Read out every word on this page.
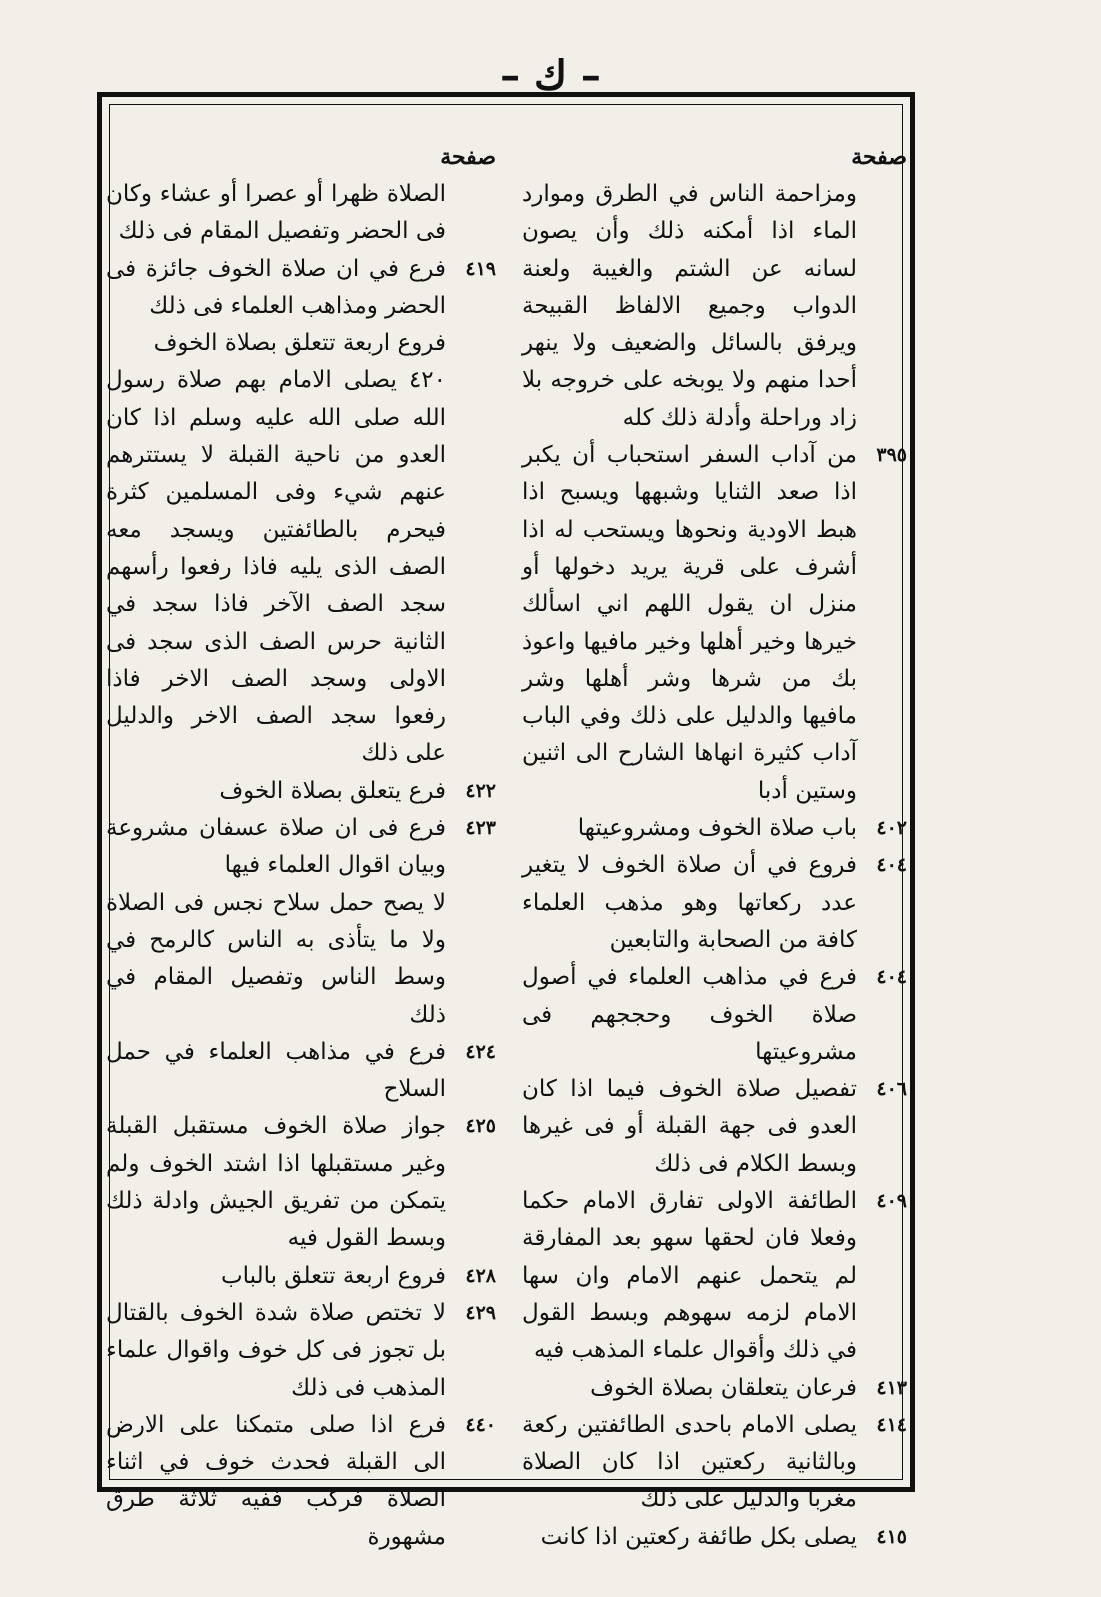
– ك –
صفحة
ومزاحمة الناس في الطرق وموارد الماء اذا أمكنه ذلك وأن يصون لسانه عن الشتم والغيبة ولعنة الدواب وجميع الالفاظ القبيحة ويرفق بالسائل والضعيف ولا ينهر أحدا منهم ولا يوبخه على خروجه بلا زاد وراحلة وأدلة ذلك كله
٣٩٥
من آداب السفر استحباب أن يكبر اذا صعد الثنايا وشبهها ويسبح اذا هبط الاودية ونحوها ويستحب له اذا أشرف على قرية يريد دخولها أو منزل ان يقول اللهم اني اسألك خيرها وخير أهلها وخير مافيها واعوذ بك من شرها وشر أهلها وشر مافيها والدليل على ذلك وفي الباب آداب كثيرة انهاها الشارح الى اثنين وستين أدبا
٤٠٢
باب صلاة الخوف ومشروعيتها
٤٠٤
فروع في أن صلاة الخوف لا يتغير عدد ركعاتها وهو مذهب العلماء كافة من الصحابة والتابعين
٤٠٤
فرع في مذاهب العلماء في أصول صلاة الخوف وحججهم فى مشروعيتها
٤٠٦
تفصيل صلاة الخوف فيما اذا كان العدو فى جهة القبلة أو فى غيرها وبسط الكلام فى ذلك
٤٠٩
الطائفة الاولى تفارق الامام حكما وفعلا فان لحقها سهو بعد المفارقة لم يتحمل عنهم الامام وان سها الامام لزمه سهوهم وبسط القول في ذلك وأقوال علماء المذهب فيه
٤١٣
فرعان يتعلقان بصلاة الخوف
٤١٤
يصلى الامام باحدى الطائفتين ركعة وبالثانية ركعتين اذا كان الصلاة مغربا والدليل على ذلك
٤١٥
يصلى بكل طائفة ركعتين اذا كانت
صفحة
الصلاة ظهرا أو عصرا أو عشاء وكان فى الحضر وتفصيل المقام فى ذلك
٤١٩
فرع في ان صلاة الخوف جائزة فى الحضر ومذاهب العلماء فى ذلك
فروع اربعة تتعلق بصلاة الخوف
٤٢٠ يصلى الامام بهم صلاة رسول الله صلى الله عليه وسلم اذا كان العدو من ناحية القبلة لا يستترهم عنهم شيء وفى المسلمين كثرة فيحرم بالطائفتين ويسجد معه الصف الذى يليه فاذا رفعوا رأسهم سجد الصف الآخر فاذا سجد في الثانية حرس الصف الذى سجد فى الاولى وسجد الصف الاخر فاذا رفعوا سجد الصف الاخر والدليل على ذلك
٤٢٢
فرع يتعلق بصلاة الخوف
٤٢٣
فرع فى ان صلاة عسفان مشروعة وبيان اقوال العلماء فيها
لا يصح حمل سلاح نجس فى الصلاة ولا ما يتأذى به الناس كالرمح في وسط الناس وتفصيل المقام في ذلك
٤٢٤
فرع في مذاهب العلماء في حمل السلاح
٤٢٥
جواز صلاة الخوف مستقبل القبلة وغير مستقبلها اذا اشتد الخوف ولم يتمكن من تفريق الجيش وادلة ذلك وبسط القول فيه
٤٢٨
فروع اربعة تتعلق بالباب
٤٢٩
لا تختص صلاة شدة الخوف بالقتال بل تجوز فى كل خوف واقوال علماء المذهب فى ذلك
٤٤٠
فرع اذا صلى متمكنا على الارض الى القبلة فحدث خوف في اثناء الصلاة فركب ففيه ثلاثة طرق مشهورة
